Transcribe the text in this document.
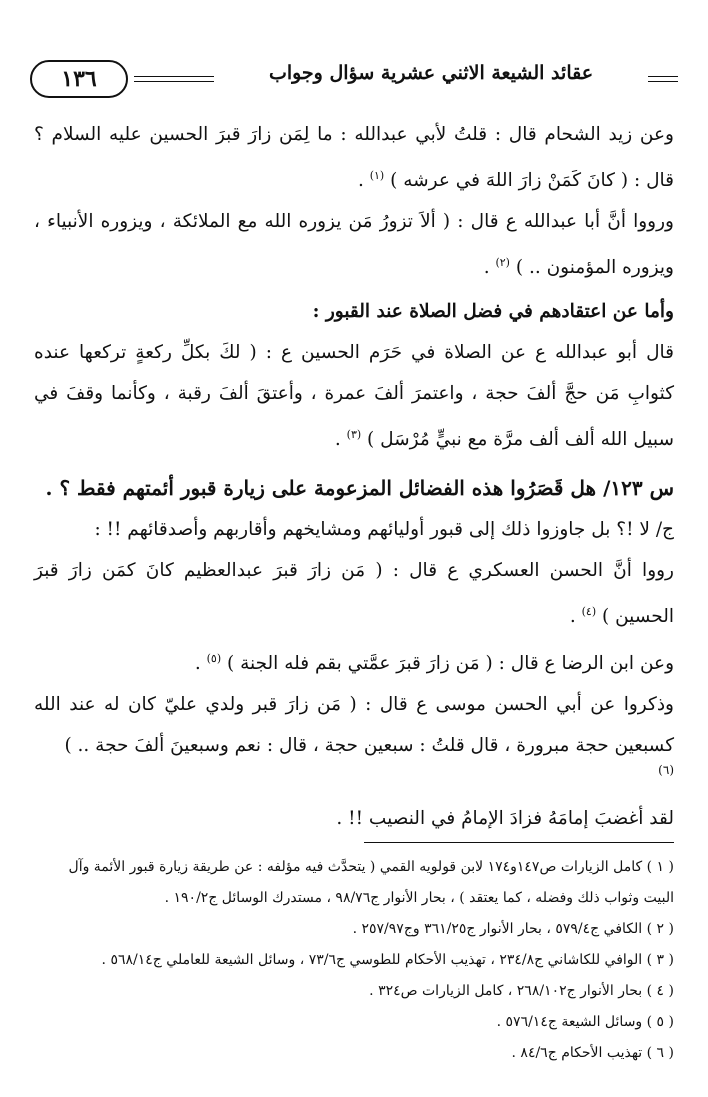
١٣٦	عقائد الشيعة الاثني عشرية سؤال وجواب

وعن زيد الشحام قال : قلتُ لأبي عبدالله : ما لِمَن زارَ قبرَ الحسين عليه السلام ؟ قال : ( كانَ كَمَنْ زارَ اللهَ في عرشه ) $^{(١)}$ .

ورووا أنَّ أبا عبدالله ع قال : ( ألاَ تزورُ مَن يزوره الله مع الملائكة ، ويزوره الأنبياء ، ويزوره المؤمنون .. ) $^{(٢)}$ .

وأما عن اعتقادهم في فضل الصلاة عند القبور :

قال أبو عبدالله ع عن الصلاة في حَرَم الحسين ع : ( لكَ بكلِّ ركعةٍ تركعها عنده كثوابِ مَن حجَّ ألفَ حجة ، واعتمرَ ألفَ عمرة ، وأعتقَ ألفَ رقبة ، وكأنما وقفَ في سبيل الله ألف ألف مرَّة مع نبيٍّ مُرْسَل ) $^{(٣)}$ .

س ١٢٣/ هل قَصَرُوا هذه الفضائل المزعومة على زيارة قبور أئمتهم فقط ؟ .

ج/ لا !؟ بل جاوزوا ذلك إلى قبور أوليائهم ومشايخهم وأقاربهم وأصدقائهم !! :

رووا أنَّ الحسن العسكري ع قال : ( مَن زارَ قبرَ عبدالعظيم كانَ كمَن زارَ قبرَ الحسين ) $^{(٤)}$ .

وعن ابن الرضا ع قال : ( مَن زارَ قبرَ عمَّتي بقم فله الجنة ) $^{(٥)}$ .

وذكروا عن أبي الحسن موسى ع قال : ( مَن زارَ قبر ولدي عليّ كان له عند الله كسبعين حجة مبرورة ، قال قلتُ : سبعين حجة ، قال : نعم وسبعينَ ألفَ حجة .. )

(٦)

لقد أغضبَ إمامَهُ فزادَ الإمامُ في النصيب !! .

( ١ ) كامل الزيارات ص١٤٧و١٧٤ لابن قولويه القمي ( يتحدَّث فيه مؤلفه : عن طريقة زيارة قبور الأئمة وآل البيت وثواب ذلك وفضله ، كما يعتقد ) ، بحار الأنوار ج٩٨/٧٦ ، مستدرك الوسائل ج١٩٠/٢ .
( ٢ ) الكافي ج٥٧٩/٤ ، بحار الأنوار ج٣٦١/٢٥ وج٢٥٧/٩٧ .
( ٣ ) الوافي للكاشاني ج٢٣٤/٨ ، تهذيب الأحكام للطوسي ج٧٣/٦ ، وسائل الشيعة للعاملي ج٥٦٨/١٤ .
( ٤ ) بحار الأنوار ج٢٦٨/١٠٢ ، كامل الزيارات ص٣٢٤ .
( ٥ ) وسائل الشيعة ج٥٧٦/١٤ .
( ٦ ) تهذيب الأحكام ج٨٤/٦ .
